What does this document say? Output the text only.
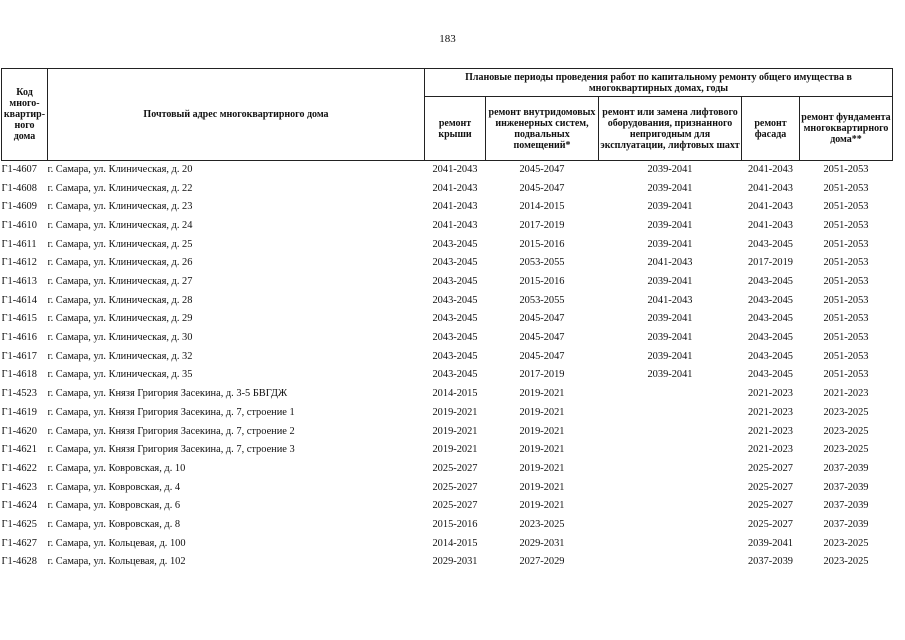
183
Код много-квартир-ного дома	Почтовый адрес многоквартирного дома	Плановые периоды проведения работ по капитальному ремонту общего имущества в многоквартирных домах, годы				
		ремонт крыши	ремонт внутридомовых инженерных систем, подвальных помещений*	ремонт или замена лифтового оборудования, признанного непригодным для эксплуатации, лифтовых шахт	ремонт фасада	ремонт фундамента многоквартирного дома**
Г1-4607	г. Самара, ул. Клиническая, д. 20	2041-2043	2045-2047	2039-2041	2041-2043	2051-2053
Г1-4608	г. Самара, ул. Клиническая, д. 22	2041-2043	2045-2047	2039-2041	2041-2043	2051-2053
Г1-4609	г. Самара, ул. Клиническая, д. 23	2041-2043	2014-2015	2039-2041	2041-2043	2051-2053
Г1-4610	г. Самара, ул. Клиническая, д. 24	2041-2043	2017-2019	2039-2041	2041-2043	2051-2053
Г1-4611	г. Самара, ул. Клиническая, д. 25	2043-2045	2015-2016	2039-2041	2043-2045	2051-2053
Г1-4612	г. Самара, ул. Клиническая, д. 26	2043-2045	2053-2055	2041-2043	2017-2019	2051-2053
Г1-4613	г. Самара, ул. Клиническая, д. 27	2043-2045	2015-2016	2039-2041	2043-2045	2051-2053
Г1-4614	г. Самара, ул. Клиническая, д. 28	2043-2045	2053-2055	2041-2043	2043-2045	2051-2053
Г1-4615	г. Самара, ул. Клиническая, д. 29	2043-2045	2045-2047	2039-2041	2043-2045	2051-2053
Г1-4616	г. Самара, ул. Клиническая, д. 30	2043-2045	2045-2047	2039-2041	2043-2045	2051-2053
Г1-4617	г. Самара, ул. Клиническая, д. 32	2043-2045	2045-2047	2039-2041	2043-2045	2051-2053
Г1-4618	г. Самара, ул. Клиническая, д. 35	2043-2045	2017-2019	2039-2041	2043-2045	2051-2053
Г1-4523	г. Самара, ул. Князя Григория Засекина, д. 3-5 БВГДЖ	2014-2015	2019-2021		2021-2023	2021-2023
Г1-4619	г. Самара, ул. Князя Григория Засекина, д. 7, строение 1	2019-2021	2019-2021		2021-2023	2023-2025
Г1-4620	г. Самара, ул. Князя Григория Засекина, д. 7, строение 2	2019-2021	2019-2021		2021-2023	2023-2025
Г1-4621	г. Самара, ул. Князя Григория Засекина, д. 7, строение 3	2019-2021	2019-2021		2021-2023	2023-2025
Г1-4622	г. Самара, ул. Ковровская, д. 10	2025-2027	2019-2021		2025-2027	2037-2039
Г1-4623	г. Самара, ул. Ковровская, д. 4	2025-2027	2019-2021		2025-2027	2037-2039
Г1-4624	г. Самара, ул. Ковровская, д. 6	2025-2027	2019-2021		2025-2027	2037-2039
Г1-4625	г. Самара, ул. Ковровская, д. 8	2015-2016	2023-2025		2025-2027	2037-2039
Г1-4627	г. Самара, ул. Кольцевая, д. 100	2014-2015	2029-2031		2039-2041	2023-2025
Г1-4628	г. Самара, ул. Кольцевая, д. 102	2029-2031	2027-2029		2037-2039	2023-2025
